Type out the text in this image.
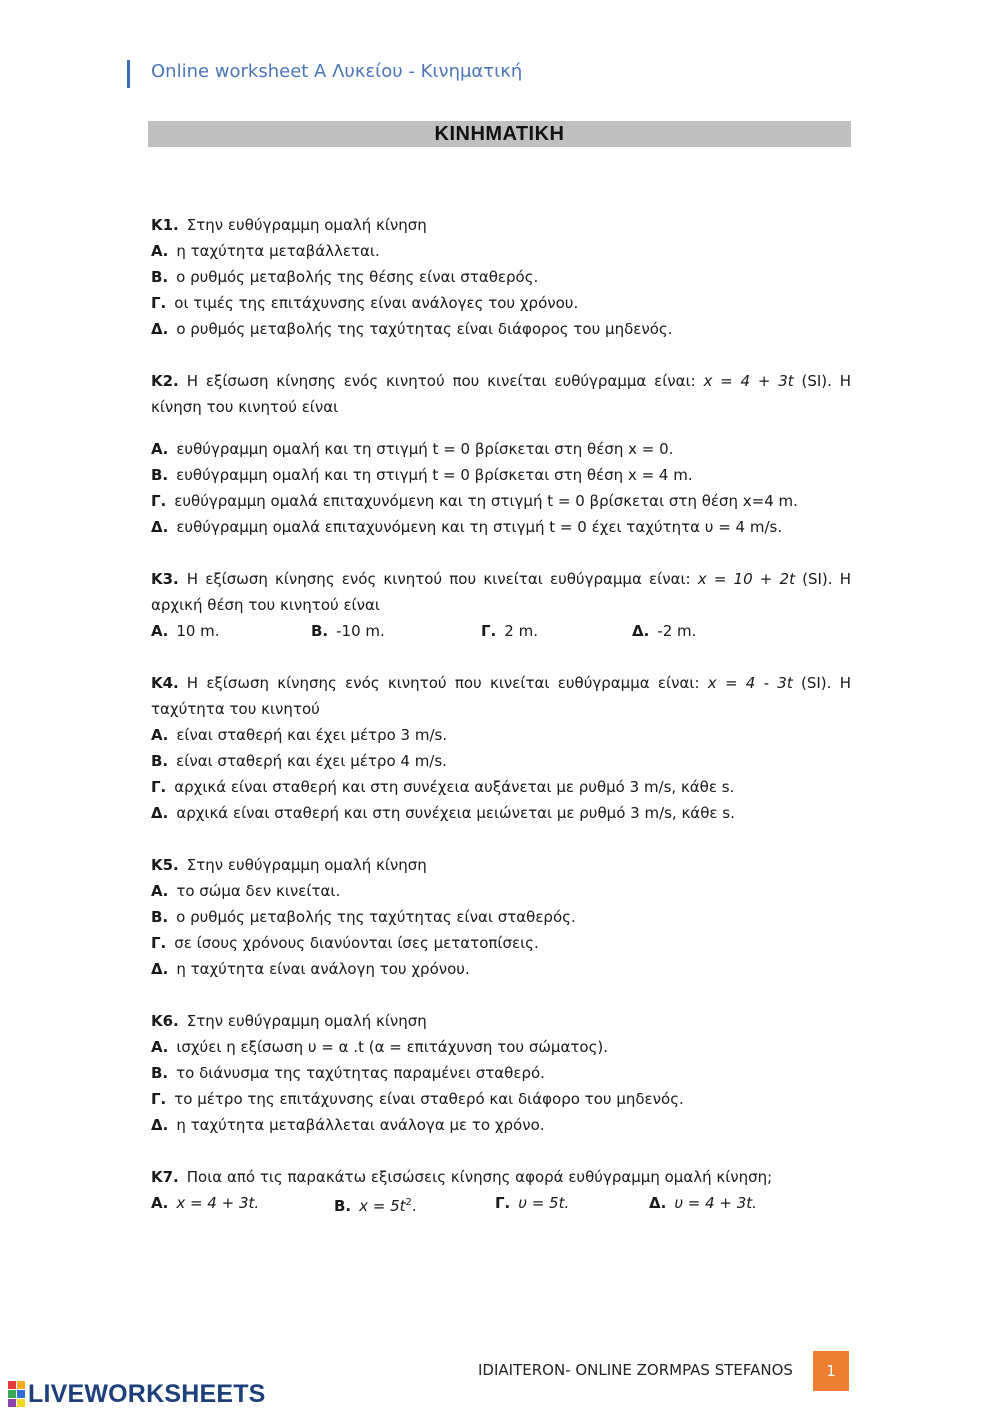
Online worksheet Α Λυκείου - Κινηματική
ΚΙΝΗΜΑΤΙΚΗ
Κ1. Στην ευθύγραμμη ομαλή κίνηση
Α. η ταχύτητα μεταβάλλεται.
Β. ο ρυθμός μεταβολής της θέσης είναι σταθερός.
Γ. οι τιμές της επιτάχυνσης είναι ανάλογες του χρόνου.
Δ. ο ρυθμός μεταβολής της ταχύτητας είναι διάφορος του μηδενός.
Κ2. Η εξίσωση κίνησης ενός κινητού που κινείται ευθύγραμμα είναι: x = 4 + 3t (SI). Η κίνηση του κινητού είναι
Α. ευθύγραμμη ομαλή και τη στιγμή t = 0 βρίσκεται στη θέση x = 0.
Β. ευθύγραμμη ομαλή και τη στιγμή t = 0 βρίσκεται στη θέση x = 4 m.
Γ. ευθύγραμμη ομαλά επιταχυνόμενη και τη στιγμή t = 0 βρίσκεται στη θέση x=4 m.
Δ. ευθύγραμμη ομαλά επιταχυνόμενη και τη στιγμή t = 0 έχει ταχύτητα υ = 4 m/s.
Κ3. Η εξίσωση κίνησης ενός κινητού που κινείται ευθύγραμμα είναι: x = 10 + 2t (SI). Η αρχική θέση του κινητού είναι
Α. 10 m.	Β. -10 m.	Γ. 2 m.	Δ. -2 m.
Κ4. Η εξίσωση κίνησης ενός κινητού που κινείται ευθύγραμμα είναι: x = 4 - 3t (SI). Η ταχύτητα του κινητού
Α. είναι σταθερή και έχει μέτρο 3 m/s.
Β. είναι σταθερή και έχει μέτρο 4 m/s.
Γ. αρχικά είναι σταθερή και στη συνέχεια αυξάνεται με ρυθμό 3 m/s, κάθε s.
Δ. αρχικά είναι σταθερή και στη συνέχεια μειώνεται με ρυθμό 3 m/s, κάθε s.
Κ5. Στην ευθύγραμμη ομαλή κίνηση
Α. το σώμα δεν κινείται.
Β. ο ρυθμός μεταβολής της ταχύτητας είναι σταθερός.
Γ. σε ίσους χρόνους διανύονται ίσες μετατοπίσεις.
Δ. η ταχύτητα είναι ανάλογη του χρόνου.
Κ6. Στην ευθύγραμμη ομαλή κίνηση
Α. ισχύει η εξίσωση υ = α .t (α = επιτάχυνση του σώματος).
Β. το διάνυσμα της ταχύτητας παραμένει σταθερό.
Γ. το μέτρο της επιτάχυνσης είναι σταθερό και διάφορο του μηδενός.
Δ. η ταχύτητα μεταβάλλεται ανάλογα με το χρόνο.
Κ7. Ποια από τις παρακάτω εξισώσεις κίνησης αφορά ευθύγραμμη ομαλή κίνηση;
Α. x = 4 + 3t.	Β. $x = 5t^2$.	Γ. υ = 5t.	Δ. υ = 4 + 3t.
IDIAITERON- ONLINE ZORMPAS STEFANOS	1
LIVEWORKSHEETS
